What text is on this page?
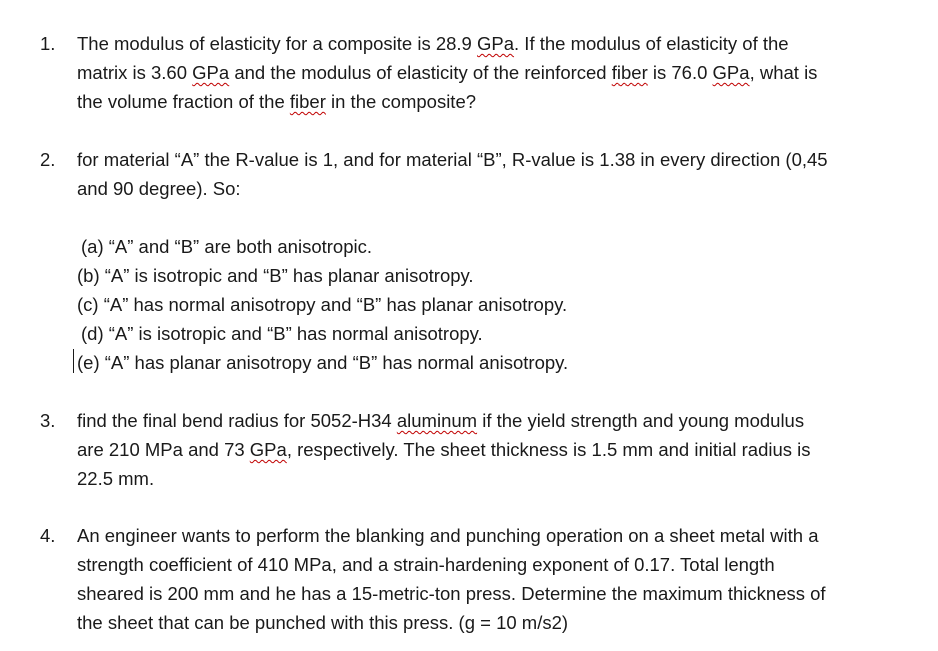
1. The modulus of elasticity for a composite is 28.9 GPa. If the modulus of elasticity of the
matrix is 3.60 GPa and the modulus of elasticity of the reinforced fiber is 76.0 GPa, what is
the volume fraction of the fiber in the composite?
2. for material “A” the R-value is 1, and for material “B”, R-value is 1.38 in every direction (0,45
and 90 degree). So:
(a) “A” and “B” are both anisotropic.
(b) “A” is isotropic and “B” has planar anisotropy.
(c) “A” has normal anisotropy and “B” has planar anisotropy.
(d) “A” is isotropic and “B” has normal anisotropy.
(e) “A” has planar anisotropy and “B” has normal anisotropy.
3. find the final bend radius for 5052-H34 aluminum if the yield strength and young modulus
are 210 MPa and 73 GPa, respectively. The sheet thickness is 1.5 mm and initial radius is
22.5 mm.
4. An engineer wants to perform the blanking and punching operation on a sheet metal with a
strength coefficient of 410 MPa, and a strain-hardening exponent of 0.17. Total length
sheared is 200 mm and he has a 15-metric-ton press. Determine the maximum thickness of
the sheet that can be punched with this press. (g = 10 m/s2)
